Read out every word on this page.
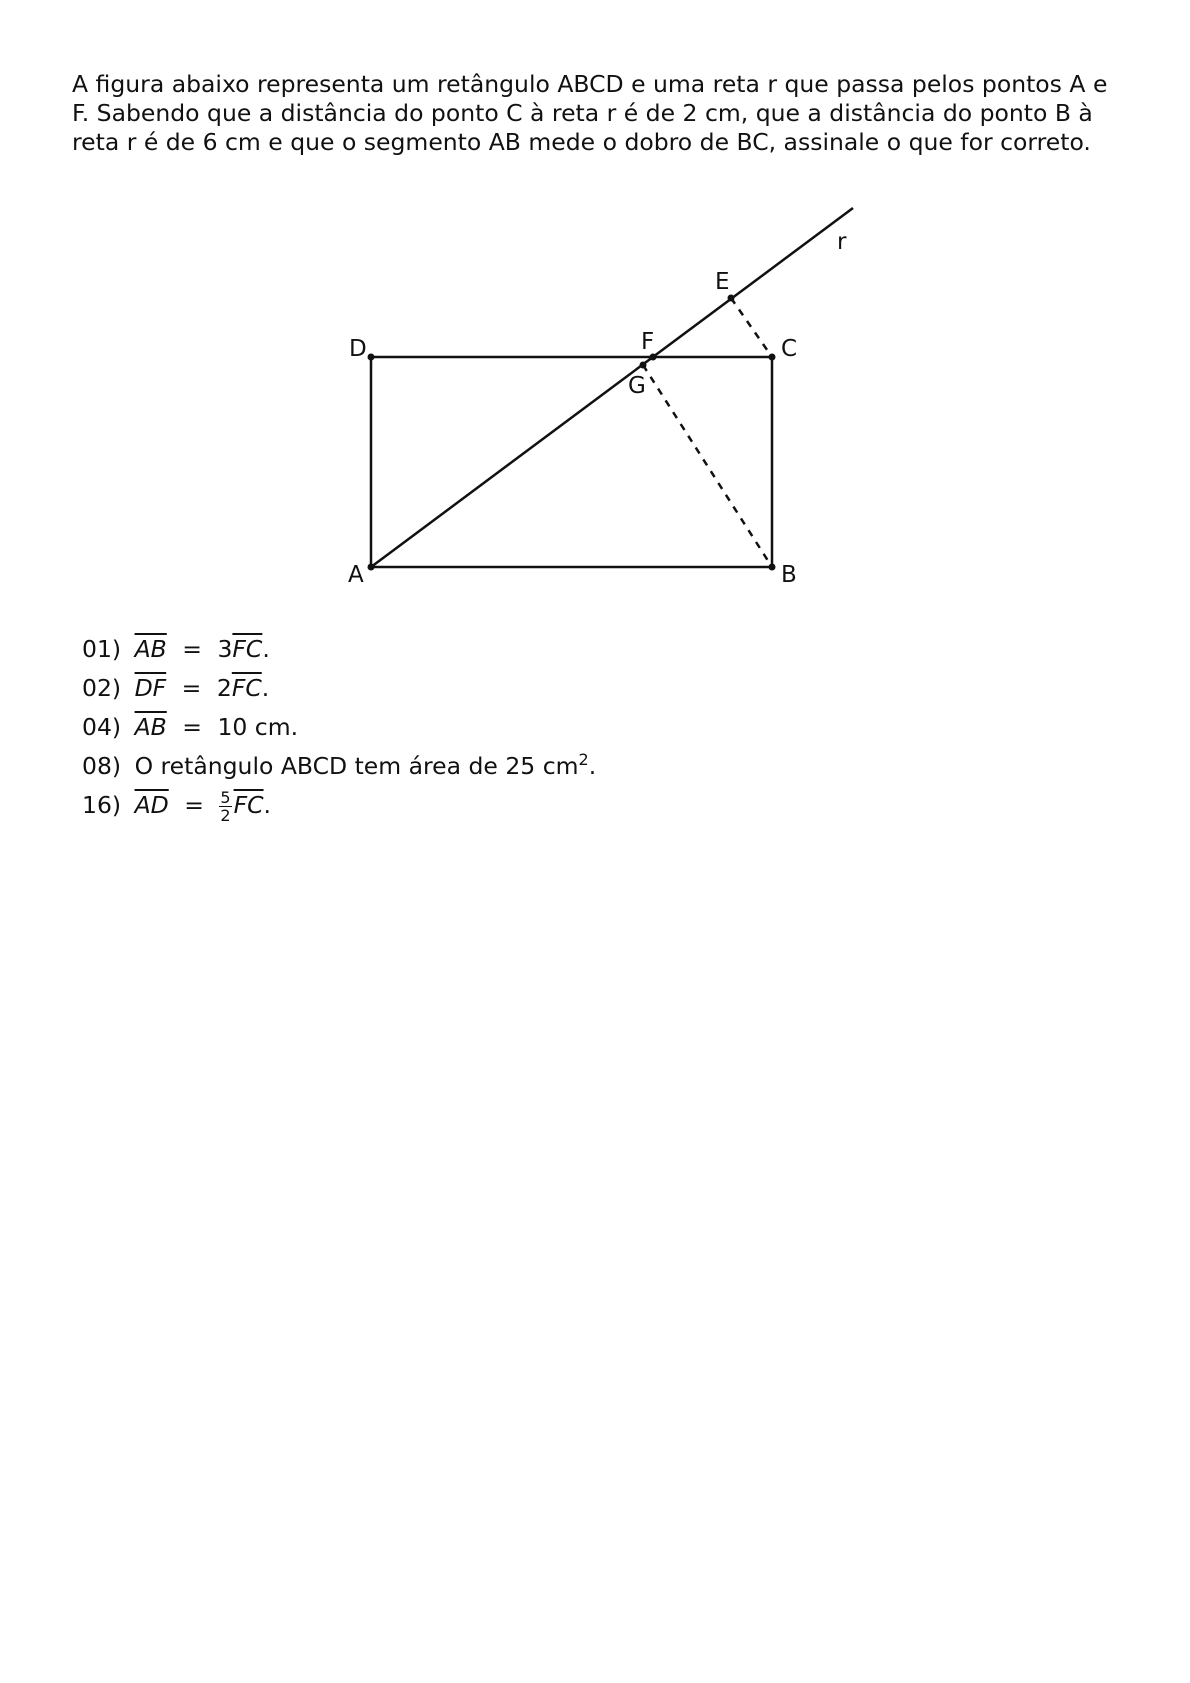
A figura abaixo representa um retângulo ABCD e uma reta r que passa pelos pontos A e
F. Sabendo que a distância do ponto C à reta r é de 2 cm, que a distância do ponto B à
reta r é de 6 cm e que o segmento AB mede o dobro de BC, assinale o que for correto.
A	B
C
D
E
F
G
r
01) $\overline{AB} = 3\overline{FC}$.
02) $\overline{DF} = 2\overline{FC}$.
04) $\overline{AB} = 10$ cm.
08) O retângulo ABCD tem área de 25 $cm^2$.
16) $\overline{AD} = \frac{5}{2} \overline{FC}$.
